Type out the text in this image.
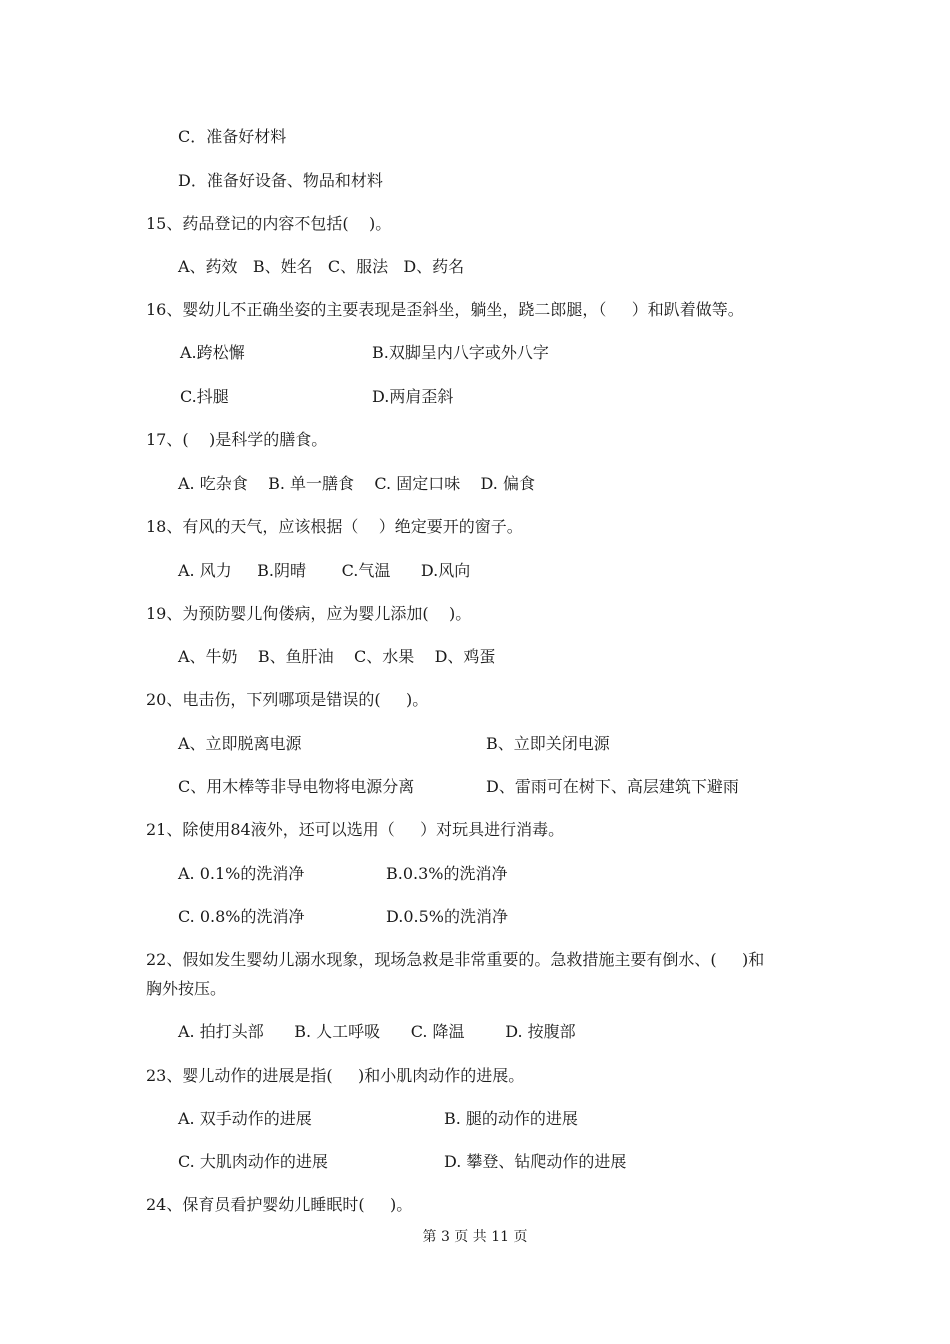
C．准备好材料
D．准备好设备、物品和材料
15、药品登记的内容不包括(    )。
A、药效   B、姓名   C、服法   D、药名
16、婴幼儿不正确坐姿的主要表现是歪斜坐，躺坐，跷二郎腿，（     ）和趴着做等。
A.跨松懈	B.双脚呈内八字或外八字
C.抖腿	D.两肩歪斜
17、(    )是科学的膳食。
A. 吃杂食    B. 单一膳食    C. 固定口味    D. 偏食
18、有风的天气，应该根据（    ）绝定要开的窗子。
A. 风力     B.阴晴       C.气温      D.风向
19、为预防婴儿佝偻病，应为婴儿添加(    )。
A、牛奶    B、鱼肝油    C、水果    D、鸡蛋
20、电击伤，下列哪项是错误的(     )。
A、立即脱离电源	B、立即关闭电源
C、用木棒等非导电物将电源分离	D、雷雨可在树下、高层建筑下避雨
21、除使用84液外，还可以选用（     ）对玩具进行消毒。
A. 0.1%的洗消净	B.0.3%的洗消净
C. 0.8%的洗消净	D.0.5%的洗消净
22、假如发生婴幼儿溺水现象，现场急救是非常重要的。急救措施主要有倒水、(     )和
胸外按压。
A. 拍打头部      B. 人工呼吸      C. 降温        D. 按腹部
23、婴儿动作的进展是指(     )和小肌肉动作的进展。
A. 双手动作的进展	B. 腿的动作的进展
C. 大肌肉动作的进展	D. 攀登、钻爬动作的进展
24、保育员看护婴幼儿睡眠时(     )。
第 3 页 共 11 页
